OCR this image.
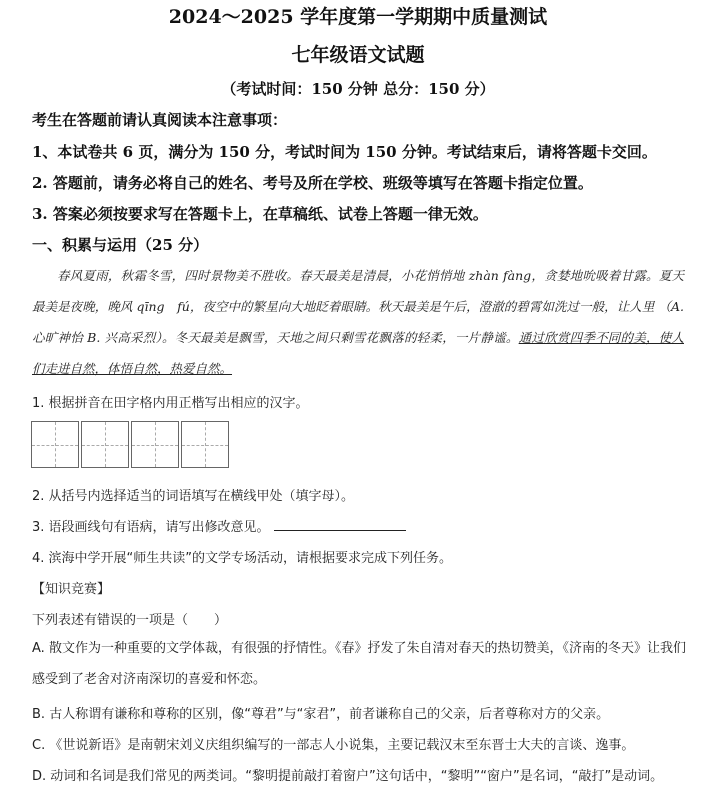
2024～2025 学年度第一学期期中质量测试
七年级语文试题
（考试时间：150 分钟 总分：150 分）
考生在答题前请认真阅读本注意事项：
1、本试卷共 6 页，满分为 150 分，考试时间为 150 分钟。考试结束后，请将答题卡交回。
2. 答题前，请务必将自己的姓名、考号及所在学校、班级等填写在答题卡指定位置。
3. 答案必须按要求写在答题卡上，在草稿纸、试卷上答题一律无效。
一、积累与运用（25 分）
春风夏雨，秋霜冬雪，四时景物美不胜收。春天最美是清晨，小花悄悄地 zhàn fàng，贪婪地吮吸着甘露。夏天最美是夜晚，晚风 qīng　fú，夜空中的繁星向大地眨着眼睛。秋天最美是午后，澄澈的碧霄如洗过一般，让人里 （A. 心旷神怡 B. 兴高采烈）。冬天最美是飘雪，天地之间只剩雪花飘落的轻柔，一片静谧。通过欣赏四季不同的美，使人们走进自然，体悟自然，热爱自然。
1. 根据拼音在田字格内用正楷写出相应的汉字。
2. 从括号内选择适当的词语填写在横线甲处（填字母）。
3. 语段画线句有语病，请写出修改意见。
4. 滨海中学开展“师生共读”的文学专场活动，请根据要求完成下列任务。
【知识竞赛】
下列表述有错误的一项是（　　）
A. 散文作为一种重要的文学体裁，有很强的抒情性。《春》抒发了朱自清对春天的热切赞美，《济南的冬天》让我们感受到了老舍对济南深切的喜爱和怀恋。
B. 古人称谓有谦称和尊称的区别，像“尊君”与“家君”，前者谦称自己的父亲，后者尊称对方的父亲。
C. 《世说新语》是南朝宋刘义庆组织编写的一部志人小说集，主要记载汉末至东晋士大夫的言谈、逸事。
D. 动词和名词是我们常见的两类词。“黎明提前敲打着窗户”这句话中，“黎明”“窗户”是名词，“敲打”是动词。
